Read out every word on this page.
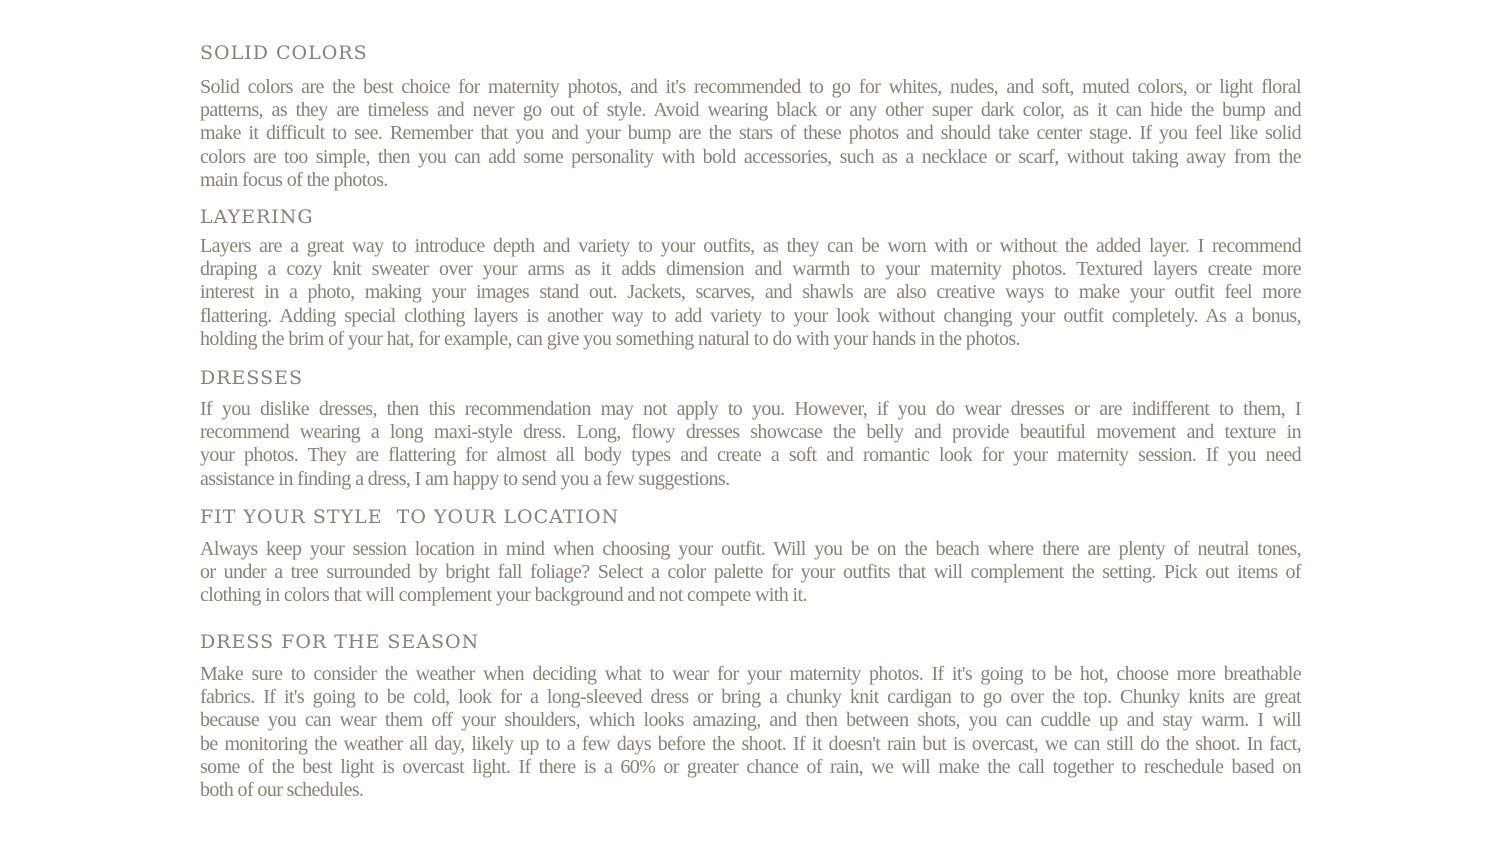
SOLID COLORS

Solid colors are the best choice for maternity photos, and it's recommended to go for whites, nudes, and soft, muted colors, or light floral
patterns, as they are timeless and never go out of style. Avoid wearing black or any other super dark color, as it can hide the bump and
make it difficult to see. Remember that you and your bump are the stars of these photos and should take center stage. If you feel like solid
colors are too simple, then you can add some personality with bold accessories, such as a necklace or scarf, without taking away from the
main focus of the photos.

LAYERING

Layers are a great way to introduce depth and variety to your outfits, as they can be worn with or without the added layer. I recommend
draping a cozy knit sweater over your arms as it adds dimension and warmth to your maternity photos. Textured layers create more
interest in a photo, making your images stand out. Jackets, scarves, and shawls are also creative ways to make your outfit feel more
flattering. Adding special clothing layers is another way to add variety to your look without changing your outfit completely. As a bonus,
holding the brim of your hat, for example, can give you something natural to do with your hands in the photos.

DRESSES

If you dislike dresses, then this recommendation may not apply to you. However, if you do wear dresses or are indifferent to them, I
recommend wearing a long maxi-style dress. Long, flowy dresses showcase the belly and provide beautiful movement and texture in
your photos. They are flattering for almost all body types and create a soft and romantic look for your maternity session. If you need
assistance in finding a dress, I am happy to send you a few suggestions.

FIT YOUR STYLE  TO YOUR LOCATION

Always keep your session location in mind when choosing your outfit. Will you be on the beach where there are plenty of neutral tones,
or under a tree surrounded by bright fall foliage? Select a color palette for your outfits that will complement the setting. Pick out items of
clothing in colors that will complement your background and not compete with it.

DRESS FOR THE SEASON

Make sure to consider the weather when deciding what to wear for your maternity photos. If it's going to be hot, choose more breathable
fabrics. If it's going to be cold, look for a long-sleeved dress or bring a chunky knit cardigan to go over the top. Chunky knits are great
because you can wear them off your shoulders, which looks amazing, and then between shots, you can cuddle up and stay warm. I will
be monitoring the weather all day, likely up to a few days before the shoot. If it doesn't rain but is overcast, we can still do the shoot. In fact,
some of the best light is overcast light. If there is a 60% or greater chance of rain, we will make the call together to reschedule based on
both of our schedules.
